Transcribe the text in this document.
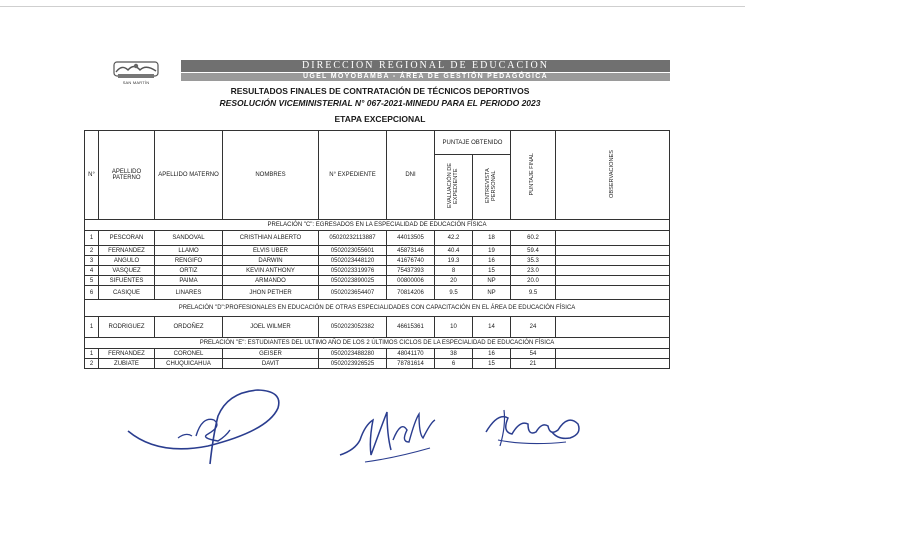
SAN MARTÍN
DIRECCIÓN REGIONAL DE EDUCACIÓN
UGEL MOYOBAMBA - ÁREA DE GESTIÓN PEDAGÓGICA
RESULTADOS FINALES DE CONTRATACIÓN DE TÉCNICOS DEPORTIVOS
RESOLUCIÓN VICEMINISTERIAL N° 067-2021-MINEDU PARA EL PERIODO 2023
ETAPA EXCEPCIONAL
N°	APELLIDO PATERNO	APELLIDO MATERNO	NOMBRES	N° EXPEDIENTE	DNI	PUNTAJE OBTENIDO		PUNTAJE FINAL	OBSERVACIONES
						EVALUACIÓN DE EXPEDIENTE	ENTREVISTA PERSONAL		
PRELACIÓN "C": EGRESADOS EN LA ESPECIALIDAD DE EDUCACIÓN FÍSICA									
1	PESCORAN	SANDOVAL	CRISTHIAN ALBERTO	05020232113887	44013505	42.2	18	60.2	
2	FERNANDEZ	LLAMO	ELVIS UBER	0502023055601	45873146	40.4	19	59.4	
3	ANGULO	RENGIFO	DARWIN	0502023448120	41676740	19.3	16	35.3	
4	VASQUEZ	ORTIZ	KEVIN ANTHONY	0502023319976	75437393	8	15	23.0	
5	SIFUENTES	PAIMA	ARMANDO	0502023890025	00800006	20	NP	20.0	
6	CASIQUE	LINARES	JHON PETHER	0502023654407	70814206	9.5	NP	9.5	
PRELACIÓN "D":PROFESIONALES EN EDUCACIÓN DE OTRAS ESPECIALIDADES CON CAPACITACIÓN EN EL ÁREA DE EDUCACIÓN FÍSICA									
1	RODRIGUEZ	ORDOÑEZ	JOEL WILMER	0502023052382	46615361	10	14	24	
PRELACIÓN "E": ESTUDIANTES DEL ULTIMO AÑO DE LOS 2 ÚLTIMOS CICLOS DE LA ESPECIALIDAD DE EDUCACIÓN FÍSICA									
1	FERNANDEZ	CORONEL	GEISER	0502023488280	48041170	38	16	54	
2	ZUBIATE	CHUQUICAHUA	DAVIT	0502023926525	78781614	6	15	21	
